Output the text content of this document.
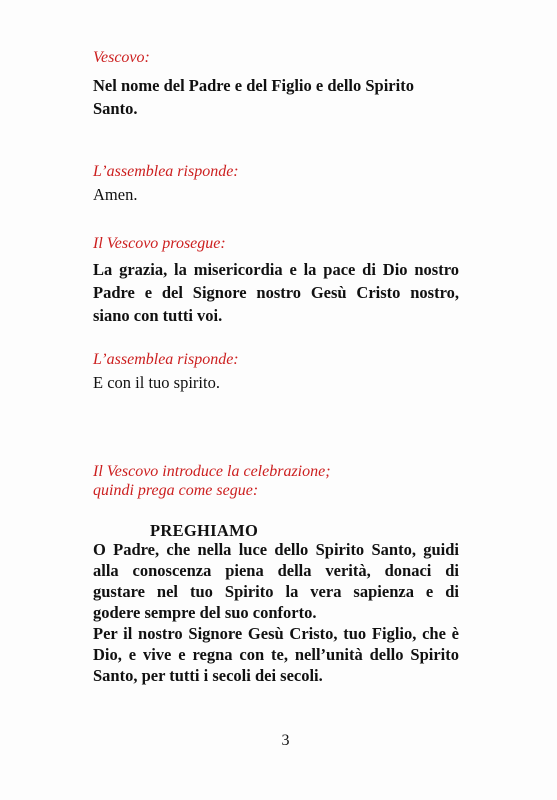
Vescovo:
Nel nome del Padre e del Figlio e dello Spirito
Santo.
L’assemblea risponde:
Amen.
Il Vescovo prosegue:
La grazia, la misericordia e la pace di Dio nostro
Padre e del Signore nostro Gesù Cristo nostro,
siano con tutti voi.
L’assemblea risponde:
E con il tuo spirito.
Il Vescovo introduce la celebrazione;
quindi prega come segue:
PREGHIAMO
O Padre, che nella luce dello Spirito Santo, guidi
alla conoscenza piena della verità, donaci di
gustare nel tuo Spirito la vera sapienza e di
godere sempre del suo conforto.
Per il nostro Signore Gesù Cristo, tuo Figlio, che è
Dio, e vive e regna con te, nell’unità dello Spirito
Santo, per tutti i secoli dei secoli.
3
